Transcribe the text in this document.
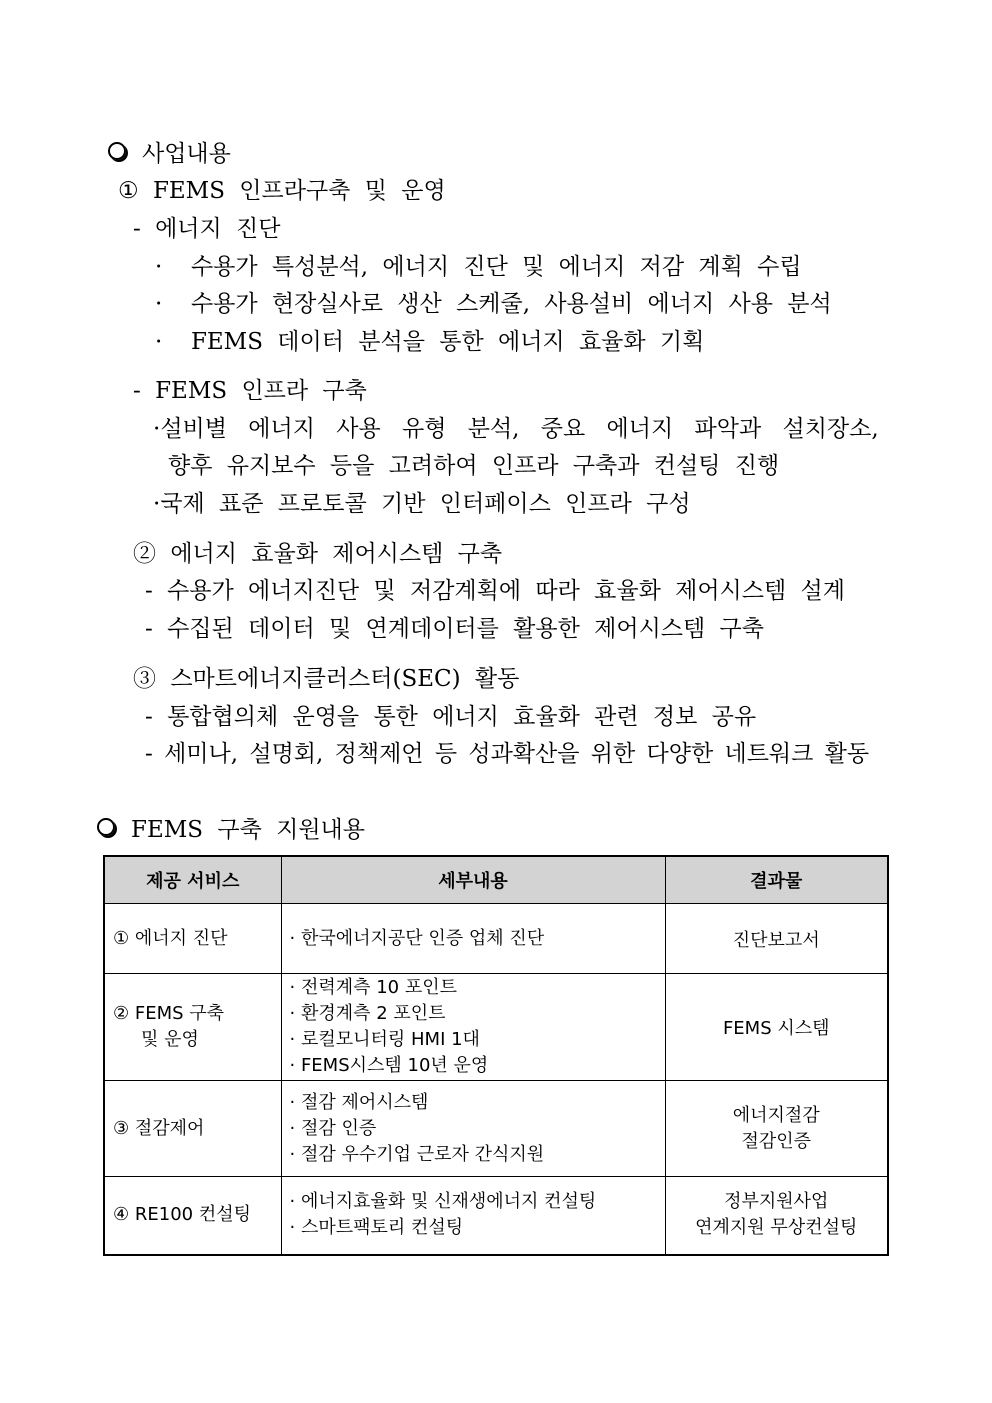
사업내용
① FEMS 인프라구축 및 운영
- 에너지 진단
·  수용가 특성분석, 에너지 진단 및 에너지 저감 계획 수립
·  수용가 현장실사로 생산 스케줄, 사용설비 에너지 사용 분석
·  FEMS 데이터 분석을 통한 에너지 효율화 기획
- FEMS 인프라 구축
·설비별 에너지 사용 유형 분석, 중요 에너지 파악과 설치장소,
향후 유지보수 등을 고려하여 인프라 구축과 컨설팅 진행
·국제 표준 프로토콜 기반 인터페이스 인프라 구성
② 에너지 효율화 제어시스템 구축
- 수용가 에너지진단 및 저감계획에 따라 효율화 제어시스템 설계
- 수집된 데이터 및 연계데이터를 활용한 제어시스템 구축
③ 스마트에너지클러스터(SEC) 활동
- 통합협의체 운영을 통한 에너지 효율화 관련 정보 공유
- 세미나, 설명회, 정책제언 등 성과확산을 위한 다양한 네트워크 활동
FEMS 구축 지원내용
제공 서비스	세부내용	결과물
① 에너지 진단	· 한국에너지공단 인증 업체 진단	진단보고서
② FEMS 구축
및 운영	· 전력계측 10 포인트
· 환경계측 2 포인트
· 로컬모니터링 HMI 1대
· FEMS시스템 10년 운영	FEMS 시스템
③ 절감제어	· 절감 제어시스템
· 절감 인증
· 절감 우수기업 근로자 간식지원	에너지절감
절감인증

④ RE100 컨설팅	· 에너지효율화 및 신재생에너지 컨설팅
· 스마트팩토리 컨설팅	정부지원사업
연계지원 무상컨설팅
